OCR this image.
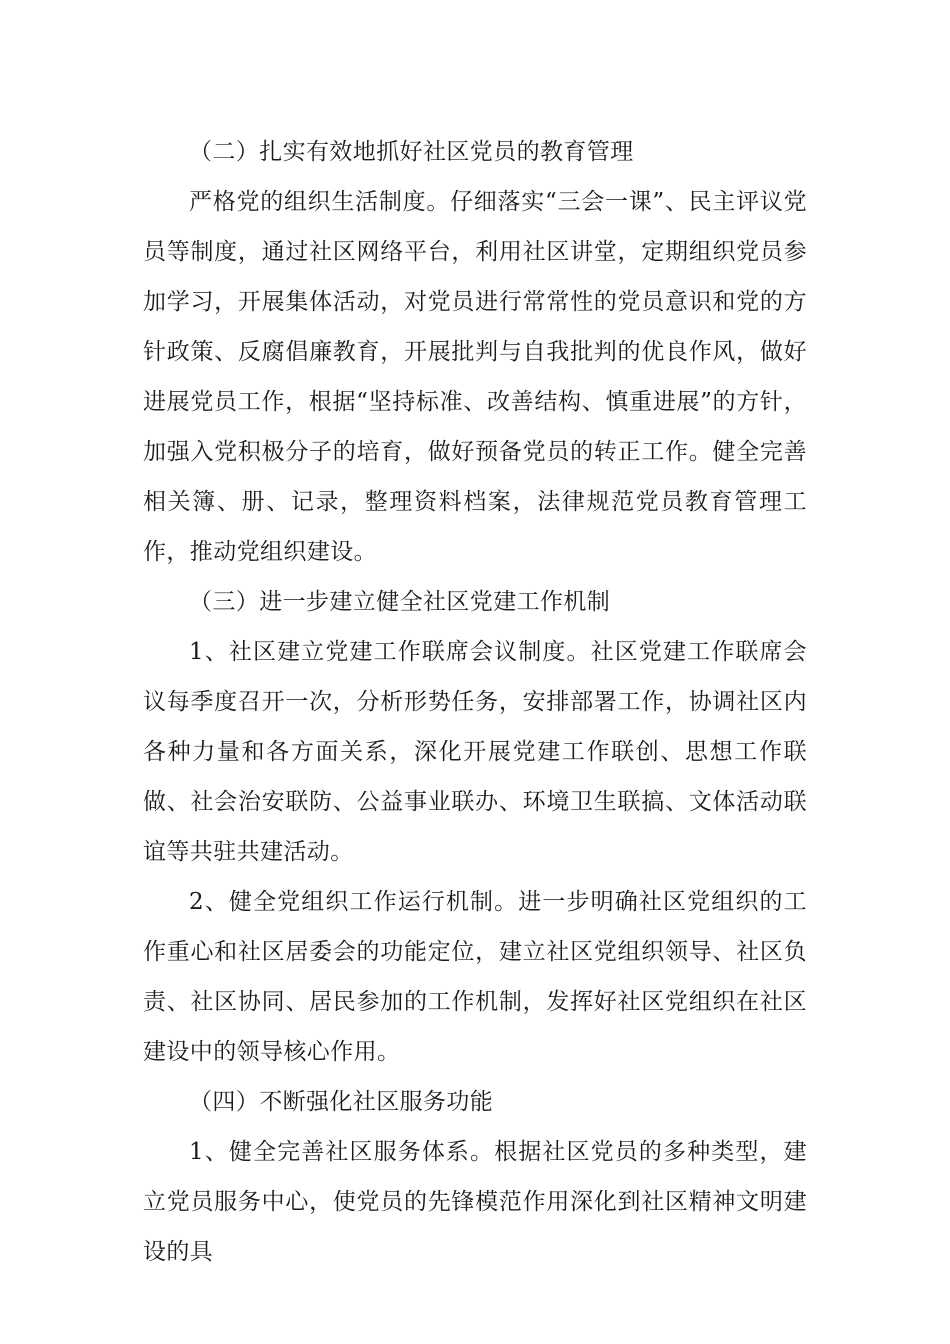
（二）扎实有效地抓好社区党员的教育管理

严格党的组织生活制度。仔细落实“三会一课”、民主评议党员等制度，通过社区网络平台，利用社区讲堂，定期组织党员参加学习，开展集体活动，对党员进行常常性的党员意识和党的方针政策、反腐倡廉教育，开展批判与自我批判的优良作风，做好进展党员工作，根据“坚持标准、改善结构、慎重进展”的方针，加强入党积极分子的培育，做好预备党员的转正工作。健全完善相关簿、册、记录，整理资料档案，法律规范党员教育管理工作，推动党组织建设。

（三）进一步建立健全社区党建工作机制

1、社区建立党建工作联席会议制度。社区党建工作联席会议每季度召开一次，分析形势任务，安排部署工作，协调社区内各种力量和各方面关系，深化开展党建工作联创、思想工作联做、社会治安联防、公益事业联办、环境卫生联搞、文体活动联谊等共驻共建活动。

2、健全党组织工作运行机制。进一步明确社区党组织的工作重心和社区居委会的功能定位，建立社区党组织领导、社区负责、社区协同、居民参加的工作机制，发挥好社区党组织在社区建设中的领导核心作用。

（四）不断强化社区服务功能

1、健全完善社区服务体系。根据社区党员的多种类型，建立党员服务中心，使党员的先锋模范作用深化到社区精神文明建设的具
